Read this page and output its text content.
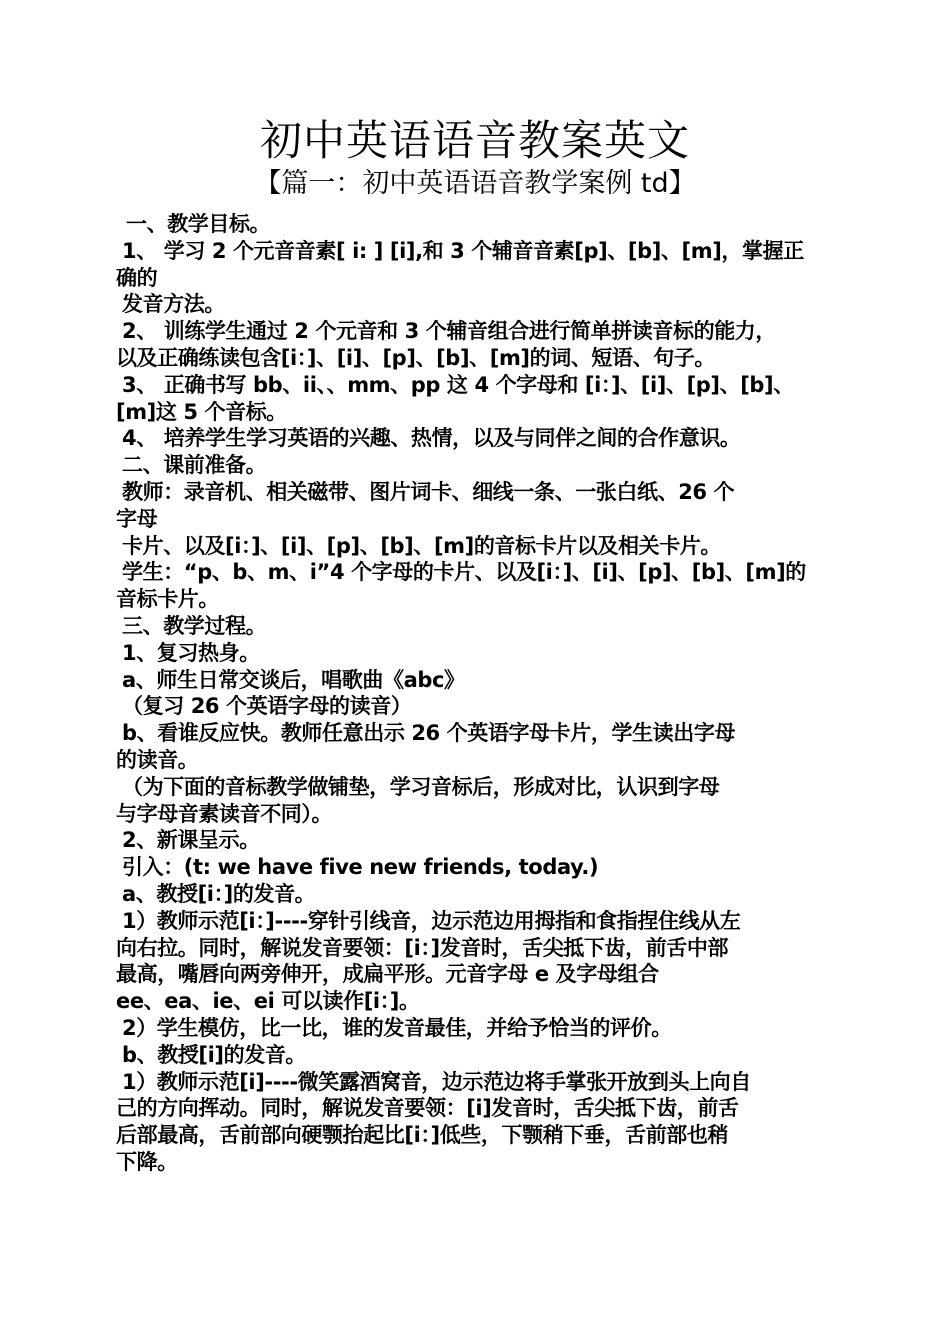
初中英语语音教案英文
【篇一：初中英语语音教学案例 td】
一、教学目标。
1、 学习 2 个元音音素[ i: ] [i],和 3 个辅音音素[p]、[b]、[m]，掌握正
确的
发音方法。
2、 训练学生通过 2 个元音和 3 个辅音组合进行简单拼读音标的能力，
以及正确练读包含[i：]、[i]、[p]、[b]、[m]的词、短语、句子。
3、 正确书写 bb、ii、、mm、pp 这 4 个字母和 [i：]、[i]、[p]、[b]、
[m]这 5 个音标。
4、 培养学生学习英语的兴趣、热情，以及与同伴之间的合作意识。
二、课前准备。
教师：录音机、相关磁带、图片词卡、细线一条、一张白纸、26 个
字母
卡片、以及[i：]、[i]、[p]、[b]、[m]的音标卡片以及相关卡片。
学生：“p、b、m、i”4 个字母的卡片、以及[i：]、[i]、[p]、[b]、[m]的
音标卡片。
三、教学过程。
1、复习热身。
a、师生日常交谈后，唱歌曲《abc》
（复习 26 个英语字母的读音）
b、看谁反应快。教师任意出示 26 个英语字母卡片，学生读出字母
的读音。
（为下面的音标教学做铺垫，学习音标后，形成对比，认识到字母
与字母音素读音不同）。
2、新课呈示。
引入：(t: we have five new friends, today.)
a、教授[i：]的发音。
1）教师示范[i：]----穿针引线音，边示范边用拇指和食指捏住线从左
向右拉。同时，解说发音要领：[i：]发音时，舌尖抵下齿，前舌中部
最高，嘴唇向两旁伸开，成扁平形。元音字母 e 及字母组合
ee、ea、ie、ei 可以读作[i：]。
2）学生模仿，比一比，谁的发音最佳，并给予恰当的评价。
b、教授[i]的发音。
1）教师示范[i]----微笑露酒窝音，边示范边将手掌张开放到头上向自
己的方向挥动。同时，解说发音要领：[i]发音时，舌尖抵下齿，前舌
后部最高，舌前部向硬颚抬起比[i：]低些，下颚稍下垂，舌前部也稍
下降。
